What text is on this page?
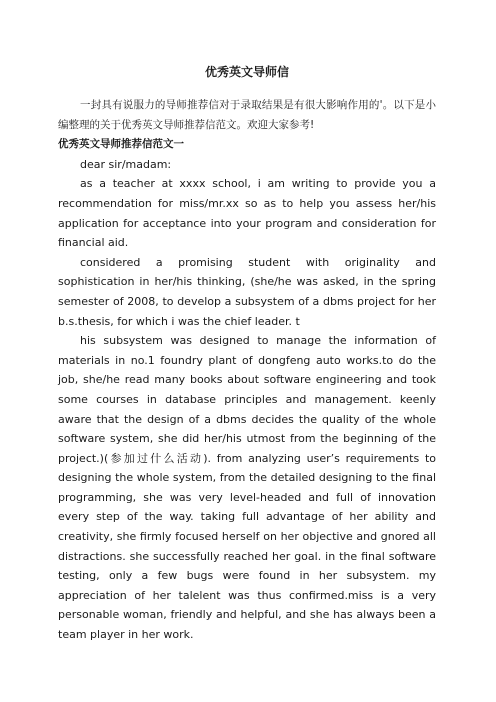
优秀英文导师信

一封具有说服力的导师推荐信对于录取结果是有很大影响作用的'。以下是小编整理的关于优秀英文导师推荐信范文。欢迎大家参考!

优秀英文导师推荐信范文一

dear sir/madam:

as a teacher at xxxx school, i am writing to provide you a recommendation for miss/mr.xx so as to help you assess her/his application for acceptance into your program and consideration for financial aid.

considered a promising student with originality and sophistication in her/his thinking, (she/he was asked, in the spring semester of 2008, to develop a subsystem of a dbms project for her b.s.thesis, for which i was the chief leader. t

his subsystem was designed to manage the information of materials in no.1 foundry plant of dongfeng auto works.to do the job, she/he read many books about software engineering and took some courses in database principles and management. keenly aware that the design of a dbms decides the quality of the whole software system, she did her/his utmost from the beginning of the project.)(参加过什么活动). from analyzing user’s requirements to designing the whole system, from the detailed designing to the final programming, she was very level-headed and full of innovation every step of the way. taking full advantage of her ability and creativity, she firmly focused herself on her objective and gnored all distractions. she successfully reached her goal. in the final software testing, only a few bugs were found in her subsystem. my appreciation of her talelent was thus confirmed.miss is a very personable woman, friendly and helpful, and she has always been a team player in her work.
